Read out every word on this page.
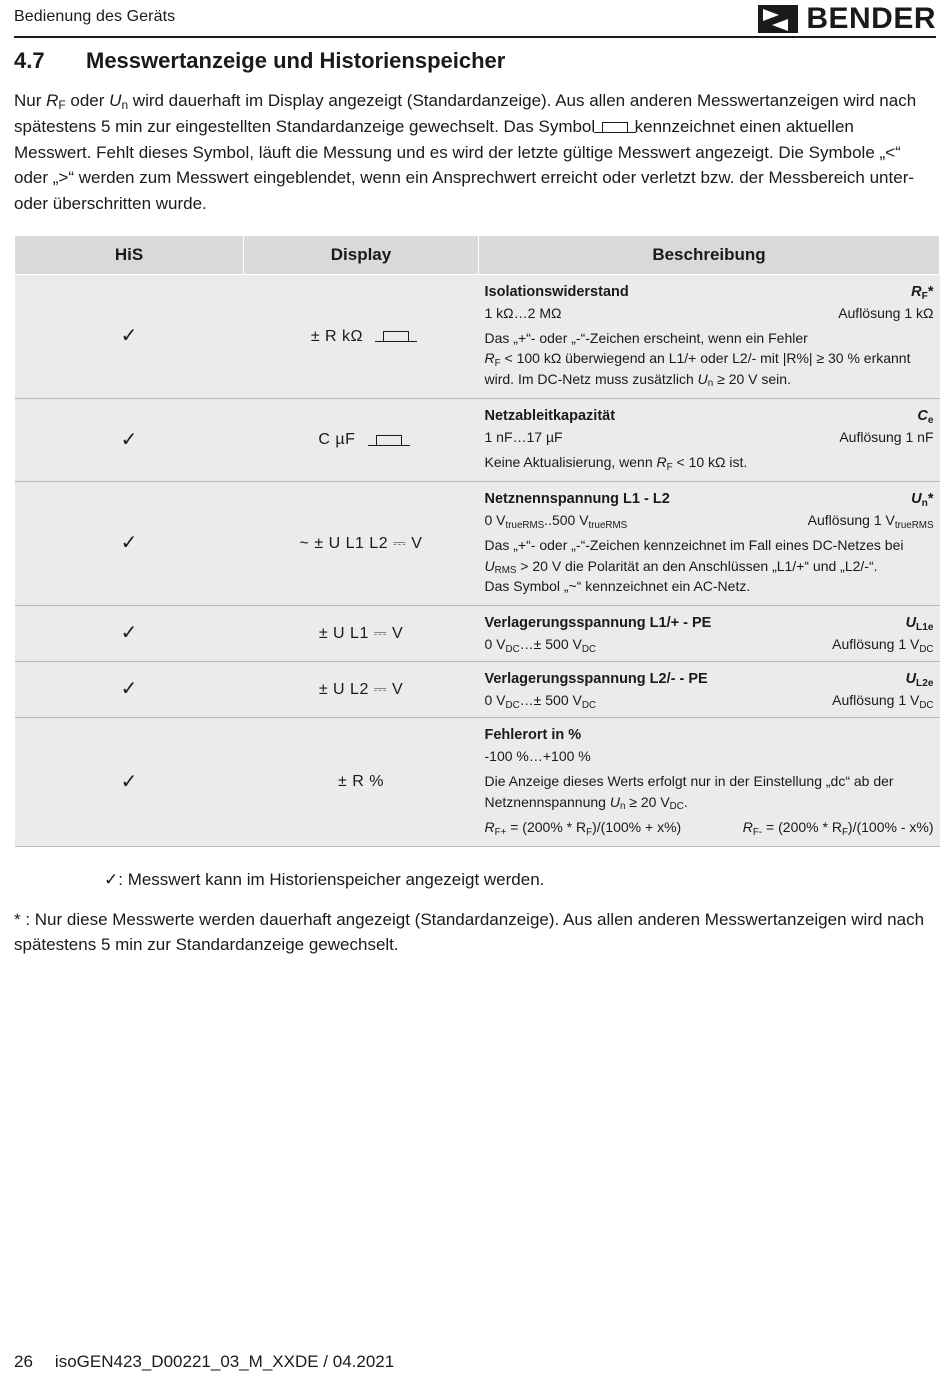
Bedienung des Geräts	BENDER
4.7	Messwertanzeige und Historienspeicher
Nur $R_F$ oder $U_n$ wird dauerhaft im Display angezeigt (Standardanzeige). Aus allen anderen Messwertanzeigen wird nach spätestens 5 min zur eingestellten Standardanzeige gewechselt. Das Symbol  kennzeichnet einen aktuellen Messwert. Fehlt dieses Symbol, läuft die Messung und es wird der letzte gültige Messwert angezeigt. Die Symbole „<“ oder „>“ werden zum Messwert eingeblendet, wenn ein Ansprechwert erreicht oder verletzt bzw. der Messbereich unter- oder überschritten wurde.
HiS	Display	Beschreibung
✓	± R kΩ	
Isolationswiderstand	$R_F*$
1 kΩ…2 MΩ	Auflösung 1 kΩ
Das „+“- oder „-“-Zeichen erscheint, wenn ein Fehler
$R_F < 100$ kΩ überwiegend an L1/+ oder L2/- mit |R%| ≥ 30 % erkannt
wird. Im DC-Netz muss zusätzlich $U_n \ge 20$ V sein.

✓	C µF	Netzableitkapazität $C_e$
1 nF…17 µF Auflösung 1 nF
Keine Aktualisierung, wenn $R_F < 10$ kΩ ist.

✓	~ ± U L1 L2 ⎓ V	
Netznennspannung L1 - L2	$U_n*$
0 $V_{trueRMS}..500$ $V_{trueRMS}$	Auflösung 1 $V_{trueRMS}$
Das „+“- oder „-“-Zeichen kennzeichnet im Fall eines DC-Netzes bei
$U_{RMS} > 20$ V die Polarität an den Anschlüssen „L1/+“ und „L2/-“.
Das Symbol „~“ kennzeichnet ein AC-Netz.

✓	± U L1 ⎓ V	Verlagerungsspannung L1/+ - PE $U_{L1e}$
0 $V_{DC}\dots\pm 500$ $V_{DC}$ Auflösung 1 $V_{DC}$

✓	± U L2 ⎓ V	Verlagerungsspannung L2/- - PE $U_{L2e}$
0 $V_{DC}\dots\pm 500$ $V_{DC}$ Auflösung 1 $V_{DC}$

✓	± R %	
Fehlerort in %
-100 %…+100 %
Die Anzeige dieses Werts erfolgt nur in der Einstellung „dc“ ab der
Netznennspannung $U_n \ge 20$ $V_{DC}$.
$R_{F+} = (200\% * R_F)/(100\% + x\%)$	$R_{F-} = (200\% * R_F)/(100\% - x\%)$
✓: Messwert kann im Historienspeicher angezeigt werden.
* : Nur diese Messwerte werden dauerhaft angezeigt (Standardanzeige). Aus allen anderen Messwertanzeigen wird nach spätestens 5 min zur Standardanzeige gewechselt.
26 isoGEN423_D00221_03_M_XXDE / 04.2021
